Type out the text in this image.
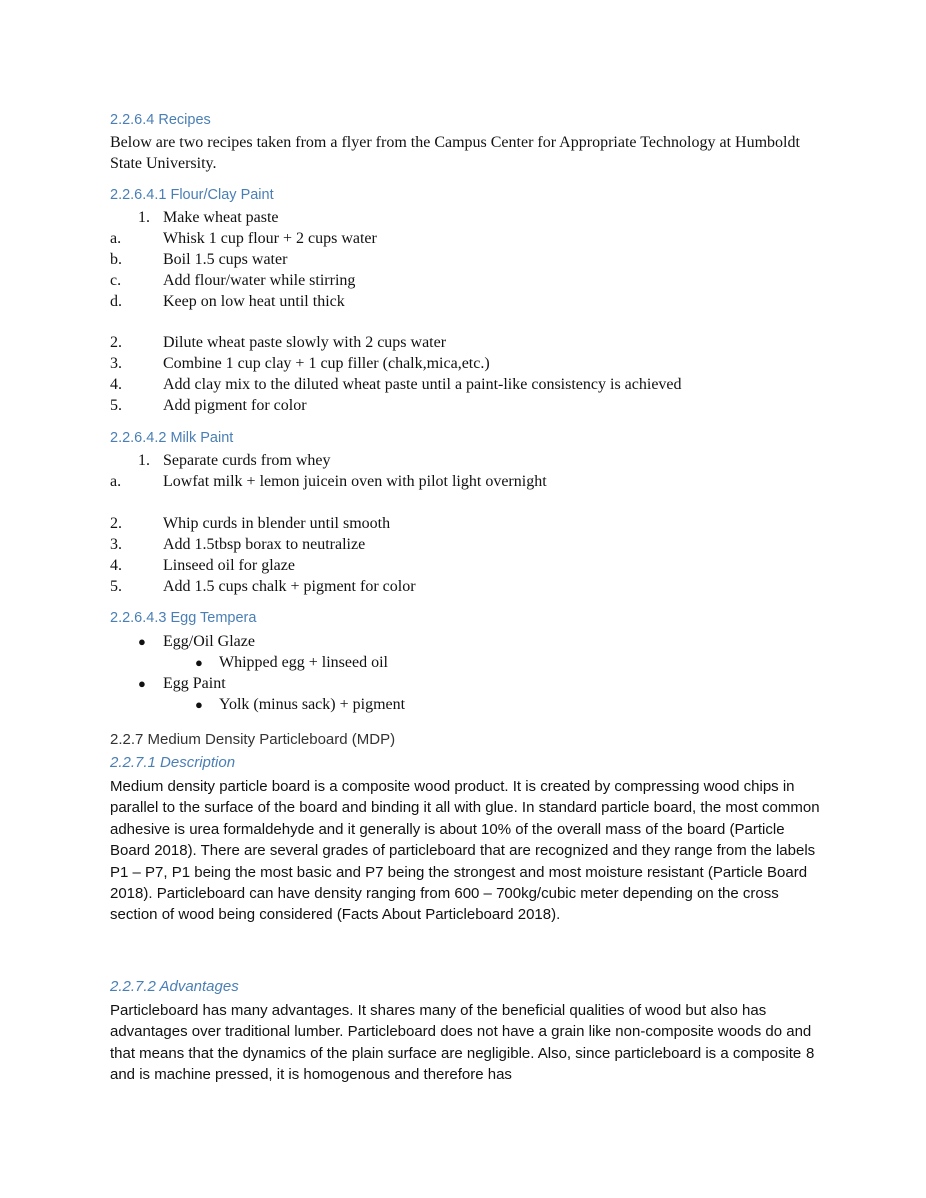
2.2.6.4 Recipes

Below are two recipes taken from a flyer from the Campus Center for Appropriate Technology at Humboldt State University.

2.2.6.4.1 Flour/Clay Paint
1. Make wheat paste
a.	Whisk 1 cup flour + 2 cups water
b.	Boil 1.5 cups water
c.	Add flour/water while stirring
d.	Keep on low heat until thick
2.	Dilute wheat paste slowly with 2 cups water
3.	Combine 1 cup clay + 1 cup filler (chalk,mica,etc.)
4.	Add clay mix to the diluted wheat paste until a paint-like consistency is achieved
5.	Add pigment for color
2.2.6.4.2 Milk Paint
1. Separate curds from whey
a.	Lowfat milk + lemon juicein oven with pilot light overnight
2.	Whip curds in blender until smooth
3.	Add 1.5tbsp borax to neutralize
4.	Linseed oil for glaze
5.	Add 1.5 cups chalk + pigment for color
2.2.6.4.3 Egg Tempera
● Egg/Oil Glaze
● Whipped egg + linseed oil
● Egg Paint
● Yolk (minus sack) + pigment
2.2.7 Medium Density Particleboard (MDP)
2.2.7.1 Description

Medium density particle board is a composite wood product. It is created by compressing wood chips in parallel to the surface of the board and binding it all with glue. In standard particle board, the most common adhesive is urea formaldehyde and it generally is about 10% of the overall mass of the board (Particle Board 2018). There are several grades of particleboard that are recognized and they range from the labels P1 – P7, P1 being the most basic and P7 being the strongest and most moisture resistant (Particle Board 2018). Particleboard can have density ranging from 600 – 700kg/cubic meter depending on the cross section of wood being considered (Facts About Particleboard 2018).

2.2.7.2 Advantages

Particleboard has many advantages. It shares many of the beneficial qualities of wood but also has advantages over traditional lumber. Particleboard does not have a grain like non-composite woods do and that means that the dynamics of the plain surface are negligible. Also, since particleboard is a composite and is machine pressed, it is homogenous and therefore has

8
